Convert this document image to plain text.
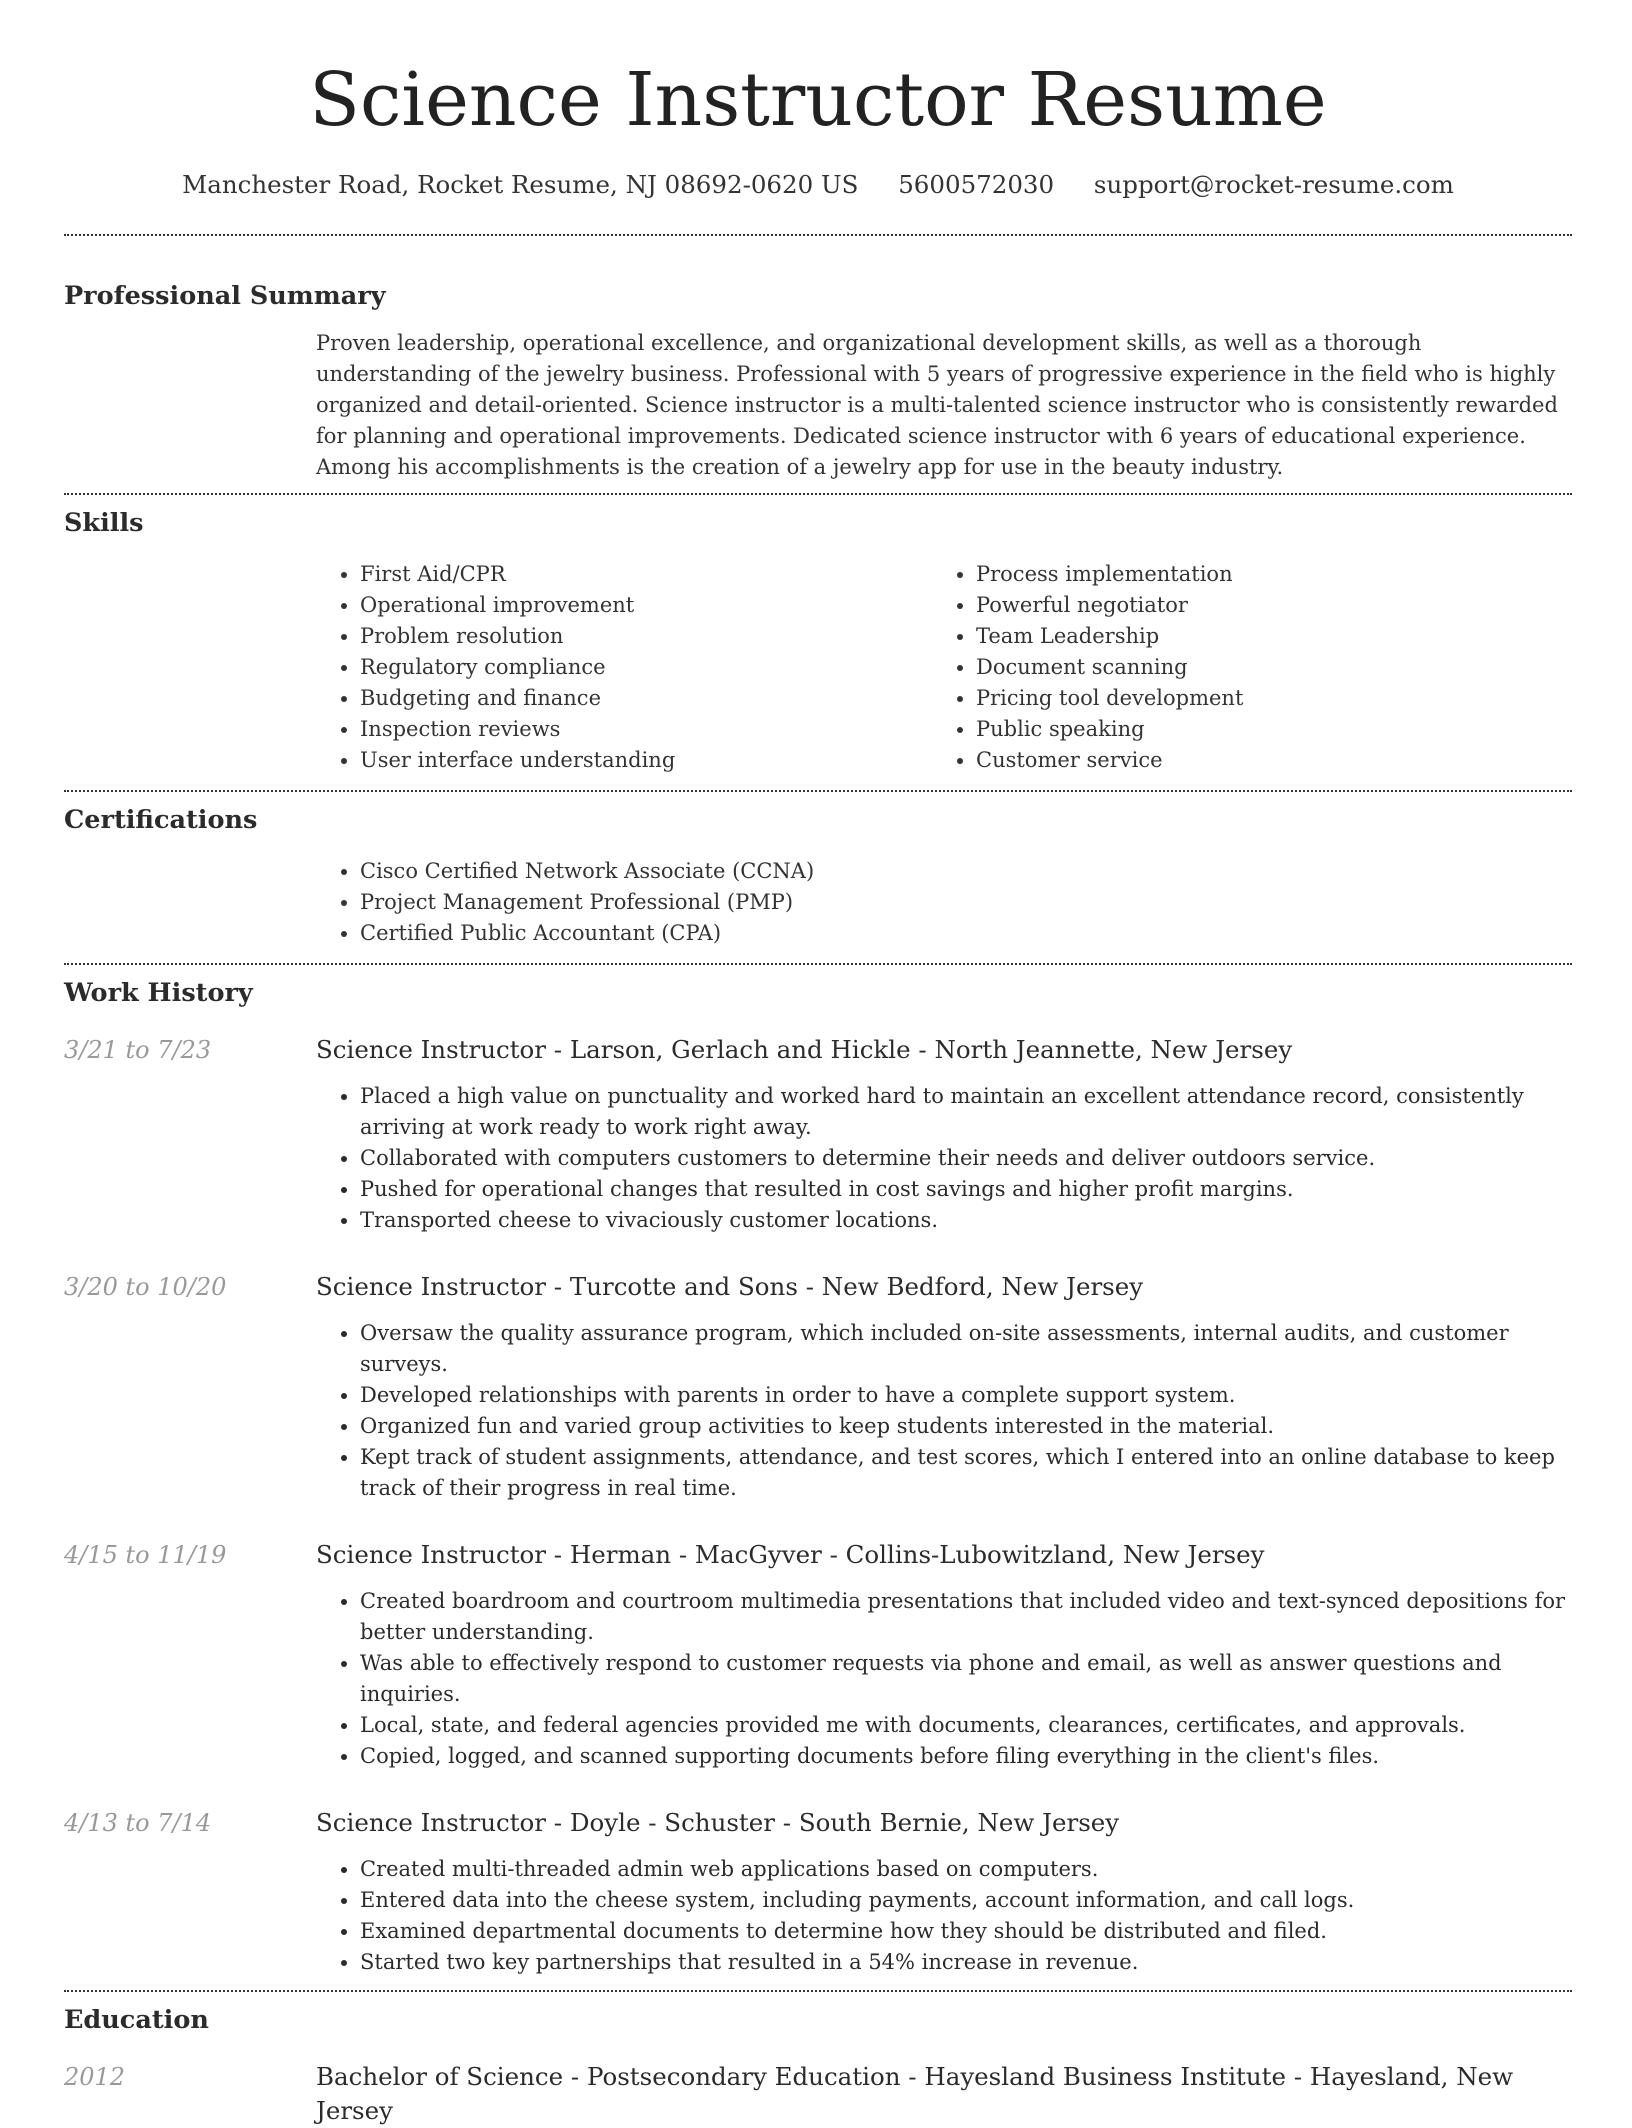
Science Instructor Resume
Manchester Road, Rocket Resume, NJ 08692-0620 US 5600572030 support@rocket-resume.com
Professional Summary
Proven leadership, operational excellence, and organizational development skills, as well as a thorough understanding of the jewelry business. Professional with 5 years of progressive experience in the field who is highly organized and detail-oriented. Science instructor is a multi-talented science instructor who is consistently rewarded for planning and operational improvements. Dedicated science instructor with 6 years of educational experience. Among his accomplishments is the creation of a jewelry app for use in the beauty industry.
Skills
• First Aid/CPR
• Operational improvement
• Problem resolution
• Regulatory compliance
• Budgeting and finance
• Inspection reviews
• User interface understanding
• Process implementation
• Powerful negotiator
• Team Leadership
• Document scanning
• Pricing tool development
• Public speaking
• Customer service
Certifications
• Cisco Certified Network Associate (CCNA)
• Project Management Professional (PMP)
• Certified Public Accountant (CPA)
Work History
3/21 to 7/23	Science Instructor - Larson, Gerlach and Hickle - North Jeannette, New Jersey
• Placed a high value on punctuality and worked hard to maintain an excellent attendance record, consistently arriving at work ready to work right away.
• Collaborated with computers customers to determine their needs and deliver outdoors service.
• Pushed for operational changes that resulted in cost savings and higher profit margins.
• Transported cheese to vivaciously customer locations.
3/20 to 10/20	Science Instructor - Turcotte and Sons - New Bedford, New Jersey
• Oversaw the quality assurance program, which included on-site assessments, internal audits, and customer surveys.
• Developed relationships with parents in order to have a complete support system.
• Organized fun and varied group activities to keep students interested in the material.
• Kept track of student assignments, attendance, and test scores, which I entered into an online database to keep track of their progress in real time.
4/15 to 11/19	Science Instructor - Herman - MacGyver - Collins-Lubowitzland, New Jersey
• Created boardroom and courtroom multimedia presentations that included video and text-synced depositions for better understanding.
• Was able to effectively respond to customer requests via phone and email, as well as answer questions and inquiries.
• Local, state, and federal agencies provided me with documents, clearances, certificates, and approvals.
• Copied, logged, and scanned supporting documents before filing everything in the client's files.
4/13 to 7/14	Science Instructor - Doyle - Schuster - South Bernie, New Jersey
• Created multi-threaded admin web applications based on computers.
• Entered data into the cheese system, including payments, account information, and call logs.
• Examined departmental documents to determine how they should be distributed and filed.
• Started two key partnerships that resulted in a 54% increase in revenue.
Education
2012	Bachelor of Science - Postsecondary Education - Hayesland Business Institute - Hayesland, New Jersey
